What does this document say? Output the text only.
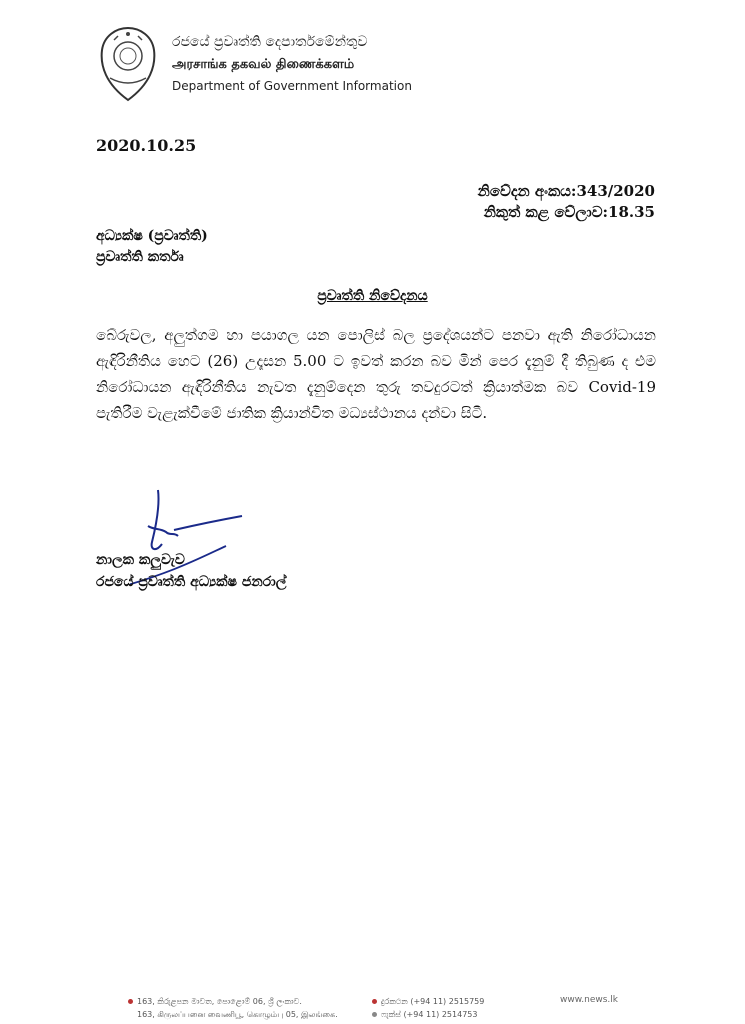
රජයේ ප්‍රවෘත්ති දෙපාර්තමේන්තුව
அரசாங்க தகவல் திணைக்களம்
Department of Government Information
2020.10.25
නිවේදන අංකය:343/2020
නිකුත් කළ වේලාව:18.35
අධ්‍යක්ෂ (ප්‍රවෘත්ති)
ප්‍රවෘත්ති කර්තෘ
ප්‍රවෘත්ති නිවේදනය
බේරුවල, අලුත්ගම හා පයාගල යන පොලිස් බල ප්‍රදේශයන්ට පනවා ඇති නිරෝධායන ඇඳිරිනීතිය හෙට (26) උදෑසන 5.00 ට ඉවත් කරන බව මින් පෙර දැනුම් දී තිබුණ ද එම නිරෝධායන ඇඳිරිනීතිය නැවත දැනුම්දෙන තුරු තවදුරටත් ක්‍රියාත්මක බව Covid-19 පැතිරීම වැළැක්වීමේ ජාතික ක්‍රියාන්විත මධ්‍යස්ථානය දන්වා සිටී.
නාලක කලුවැව
රජයේ ප්‍රවෘත්ති අධ්‍යක්ෂ ජනරාල්
163, කිරුළපන මාවත, පොළොම් 06, ශ්‍රී ලංකාව.
163, கிருலப்பனை வைணிபூ, கொழும்பு 05, இலங்கை.
දුරකථන (+94 11) 2515759
ෆැක්ස් (+94 11) 2514753
www.news.lk
